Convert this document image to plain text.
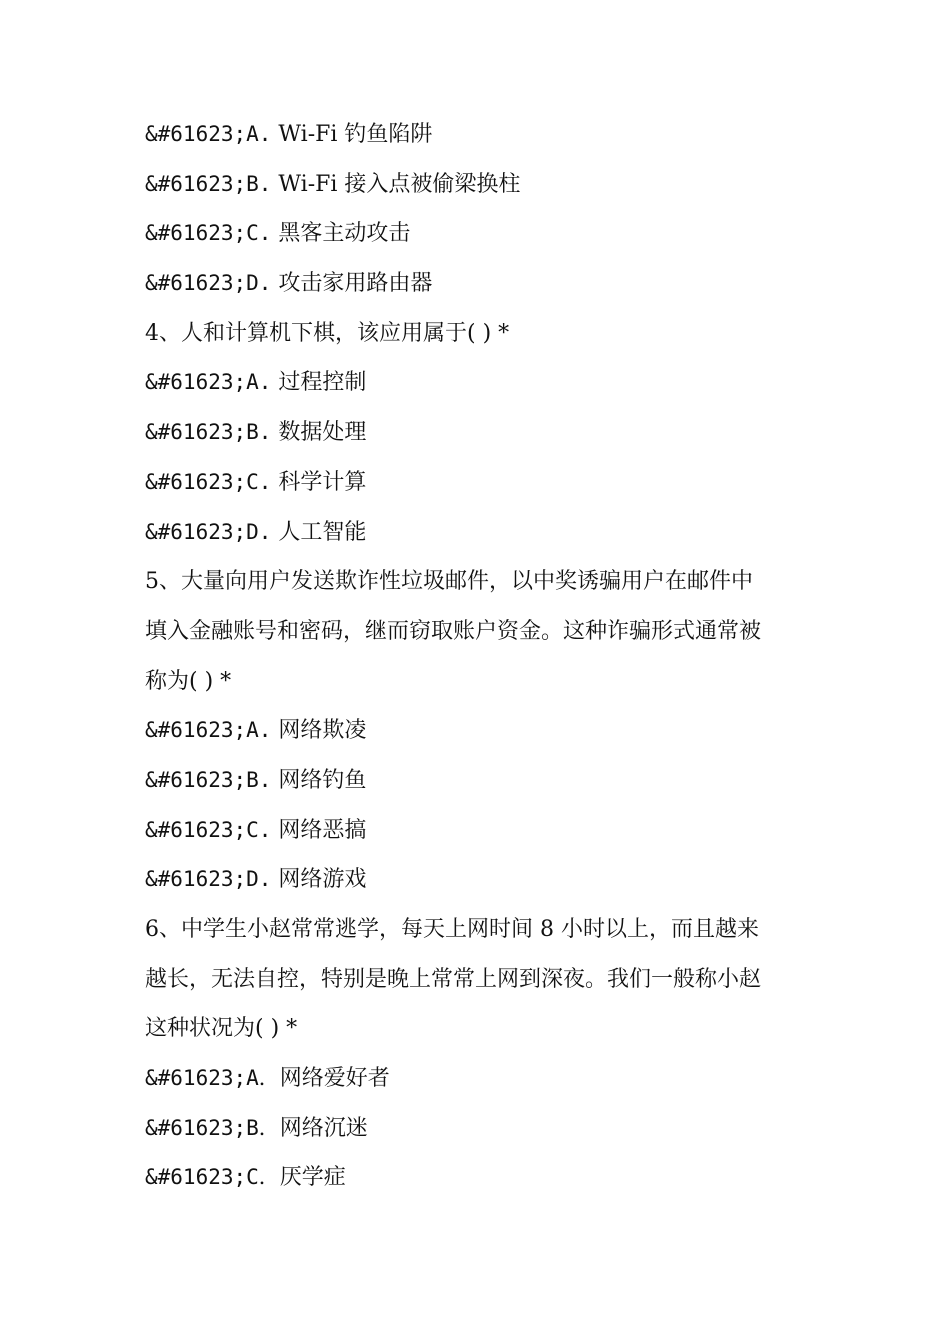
&#61623;A. Wi-Fi 钓鱼陷阱
&#61623;B. Wi-Fi 接入点被偷梁换柱
&#61623;C. 黑客主动攻击
&#61623;D. 攻击家用路由器
4、人和计算机下棋，该应用属于( ) *
&#61623;A. 过程控制
&#61623;B. 数据处理
&#61623;C. 科学计算
&#61623;D. 人工智能
5、大量向用户发送欺诈性垃圾邮件，以中奖诱骗用户在邮件中
填入金融账号和密码，继而窃取账户资金。这种诈骗形式通常被
称为( ) *
&#61623;A. 网络欺凌
&#61623;B. 网络钓鱼
&#61623;C. 网络恶搞
&#61623;D. 网络游戏
6、中学生小赵常常逃学，每天上网时间 8 小时以上，而且越来
越长，无法自控，特别是晚上常常上网到深夜。我们一般称小赵
这种状况为( ) *
&#61623;A．网络爱好者
&#61623;B．网络沉迷
&#61623;C．厌学症
